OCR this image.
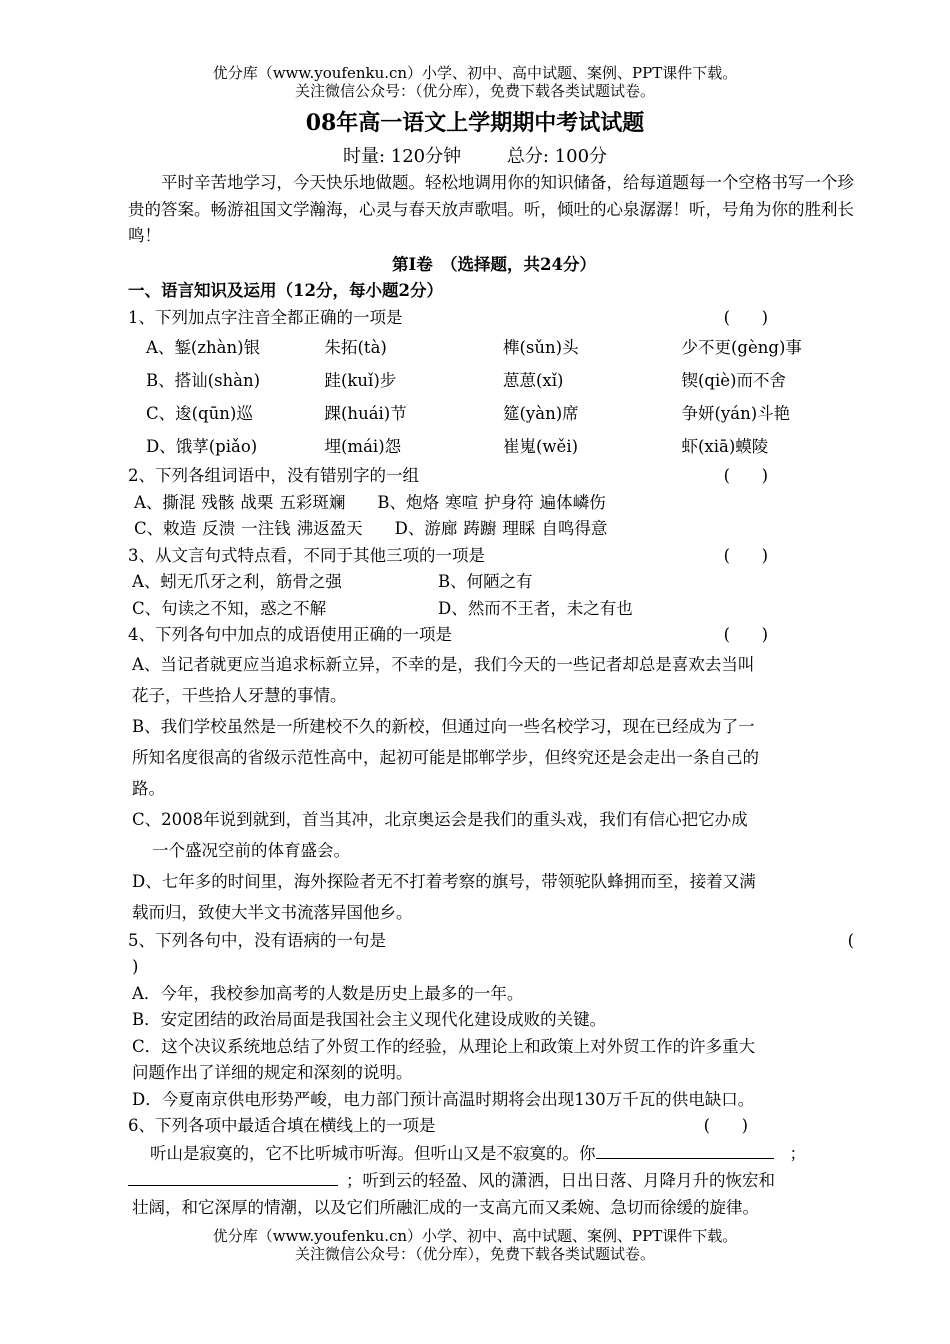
优分库（www.youfenku.cn）小学、初中、高中试题、案例、PPT课件下载。
关注微信公众号：（优分库），免费下载各类试题试卷。
08年高一语文上学期期中考试试题
时量: 120分钟        总分: 100分

平时辛苦地学习，今天快乐地做题。轻松地调用你的知识储备，给每道题每一个空格书写一个珍贵的答案。畅游祖国文学瀚海，心灵与春天放声歌唱。听，倾吐的心泉潺潺！听，号角为你的胜利长鸣！

第Ⅰ卷　（选择题，共24分）

一、语言知识及运用（12分，每小题2分）

1、下列加点字注音全都正确的一项是	(      )
A、錾(zhàn)银	朱拓(tà)	榫(sǔn)头	少不更(gèng)事
B、搭讪(shàn)	跬(kuǐ)步	葸葸(xǐ)	锲(qiè)而不舍
C、逡(qūn)巡	踝(huái)节	筵(yàn)席	争妍(yán)斗艳
D、饿莩(piǎo)	埋(mái)怨	崔嵬(wěi)	虾(xiā)蟆陵
2、下列各组词语中，没有错别字的一组	(      )
A、撕混 残骸 战栗 五彩斑斓 B、炮烙 寒喧 护身符 遍体嶙伤
C、敕造 反溃 一注钱 沸返盈天 D、游廊 踌躕 理睬 自鸣得意
3、从文言句式特点看，不同于其他三项的一项是	(      )
A、蚓无爪牙之利，筋骨之强	B、何陋之有
C、句读之不知，惑之不解	D、然而不王者，未之有也
4、下列各句中加点的成语使用正确的一项是	(      )
A、当记者就更应当追求标新立异，不幸的是，我们今天的一些记者却总是喜欢去当叫
花子，干些拾人牙慧的事情。
B、我们学校虽然是一所建校不久的新校，但通过向一些名校学习，现在已经成为了一
所知名度很高的省级示范性高中，起初可能是邯郸学步，但终究还是会走出一条自己的
路。
C、2008年说到就到，首当其冲，北京奥运会是我们的重头戏，我们有信心把它办成
一个盛况空前的体育盛会。
D、七年多的时间里，海外探险者无不打着考察的旗号，带领驼队蜂拥而至，接着又满
载而归，致使大半文书流落异国他乡。
5、下列各句中，没有语病的一句是	(
)
A．今年，我校参加高考的人数是历史上最多的一年。
B．安定团结的政治局面是我国社会主义现代化建设成败的关键。
C．这个决议系统地总结了外贸工作的经验，从理论上和政策上对外贸工作的许多重大
问题作出了详细的规定和深刻的说明。
D．今夏南京供电形势严峻，电力部门预计高温时期将会出现130万千瓦的供电缺口。
6、下列各项中最适合填在横线上的一项是	(      )
听山是寂寞的，它不比听城市听海。但听山又是不寂寞的。你	；
；听到云的轻盈、风的潇洒，日出日落、月降月升的恢宏和
壮阔，和它深厚的情潮，以及它们所融汇成的一支高亢而又柔婉、急切而徐缓的旋律。
优分库（www.youfenku.cn）小学、初中、高中试题、案例、PPT课件下载。
关注微信公众号：（优分库），免费下载各类试题试卷。
